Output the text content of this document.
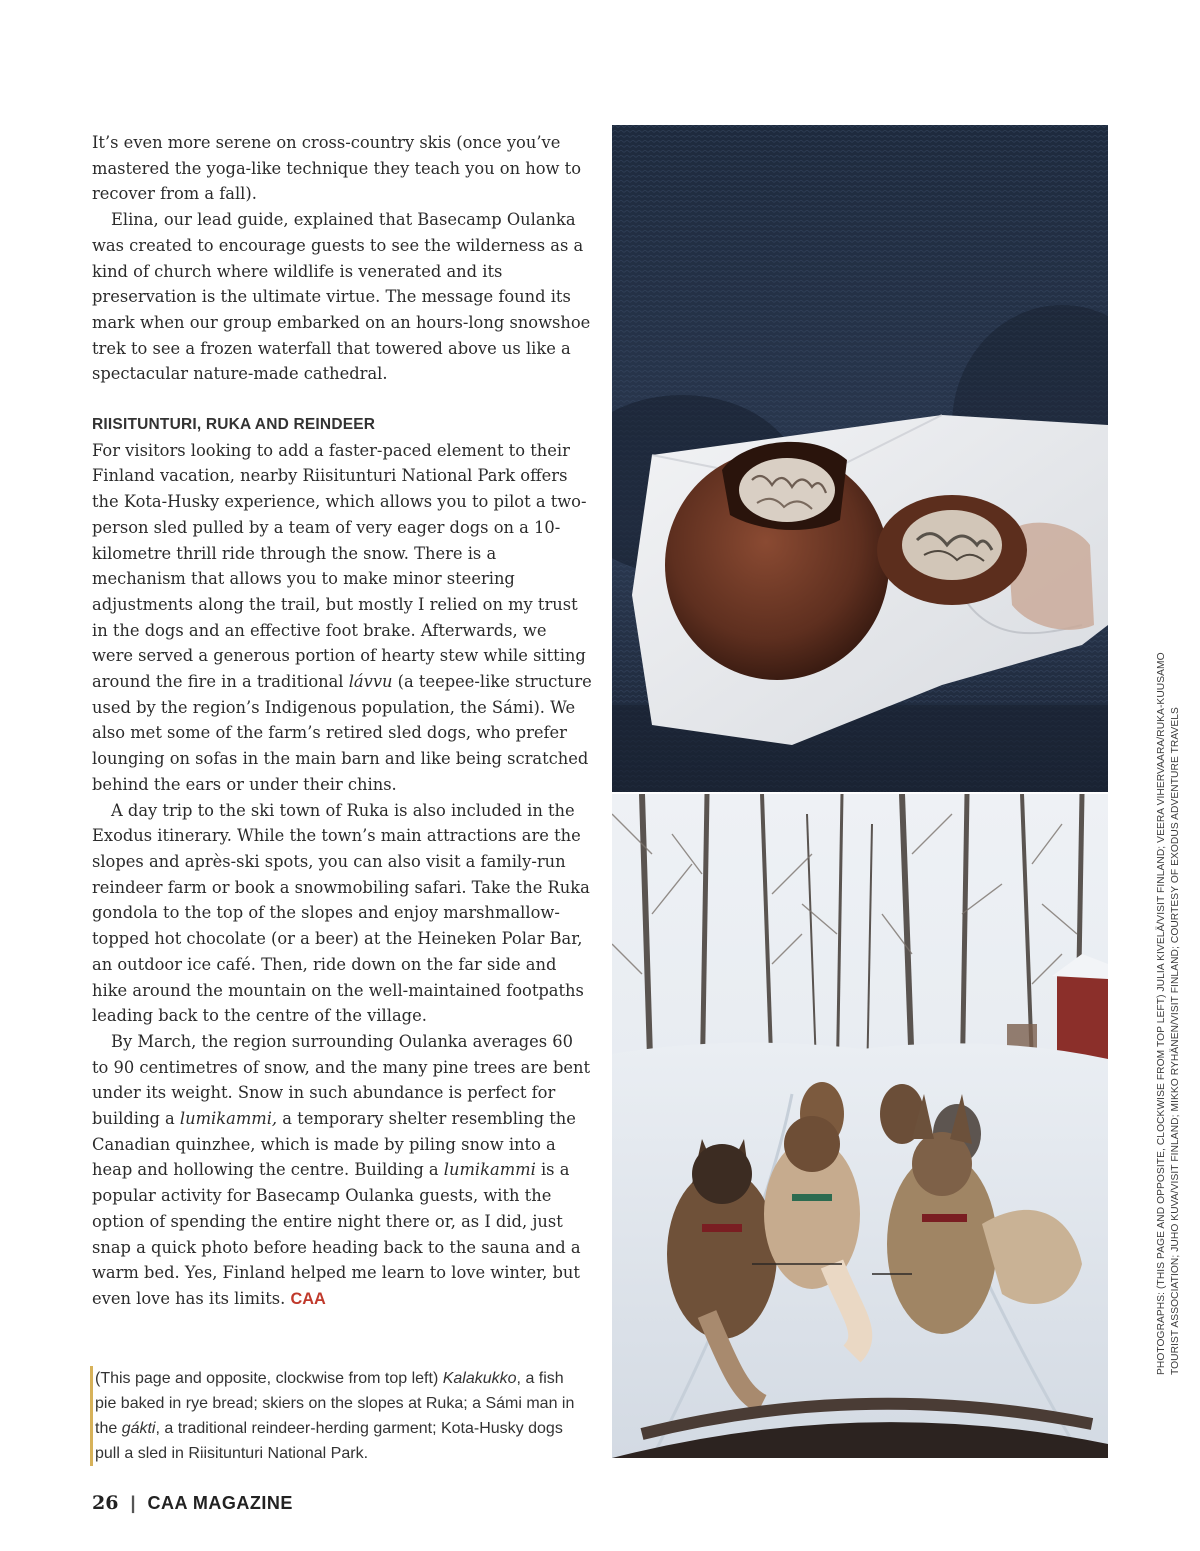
It’s even more serene on cross-country skis (once you’ve mastered the yoga-like technique they teach you on how to recover from a fall).

Elina, our lead guide, explained that Basecamp Oulanka was created to encourage guests to see the wilderness as a kind of church where wildlife is venerated and its preservation is the ultimate virtue. The message found its mark when our group embarked on an hours-long snowshoe trek to see a frozen waterfall that towered above us like a spectacular nature-made cathedral.

RIISITUNTURI, RUKA AND REINDEER

For visitors looking to add a faster-paced element to their Finland vacation, nearby Riisitunturi National Park offers the Kota-Husky experience, which allows you to pilot a two-person sled pulled by a team of very eager dogs on a 10-kilometre thrill ride through the snow. There is a mechanism that allows you to make minor steering adjustments along the trail, but mostly I relied on my trust in the dogs and an effective foot brake. Afterwards, we were served a generous portion of hearty stew while sitting around the fire in a traditional lávvu (a teepee-like structure used by the region’s Indigenous population, the Sámi). We also met some of the farm’s retired sled dogs, who prefer lounging on sofas in the main barn and like being scratched behind the ears or under their chins.

A day trip to the ski town of Ruka is also included in the Exodus itinerary. While the town’s main attractions are the slopes and après-ski spots, you can also visit a family-run reindeer farm or book a snowmobiling safari. Take the Ruka gondola to the top of the slopes and enjoy marshmallow-topped hot chocolate (or a beer) at the Heineken Polar Bar, an outdoor ice café. Then, ride down on the far side and hike around the mountain on the well-maintained footpaths leading back to the centre of the village.

By March, the region surrounding Oulanka averages 60 to 90 centimetres of snow, and the many pine trees are bent under its weight. Snow in such abundance is perfect for building a lumikammi, a temporary shelter resembling the Canadian quinzhee, which is made by piling snow into a heap and hollowing the centre. Building a lumikammi is a popular activity for Basecamp Oulanka guests, with the option of spending the entire night there or, as I did, just snap a quick photo before heading back to the sauna and a warm bed. Yes, Finland helped me learn to love winter, but even love has its limits. CAA

(This page and opposite, clockwise from top left) Kalakukko, a fish pie baked in rye bread; skiers on the slopes at Ruka; a Sámi man in the gákti, a traditional reindeer-herding garment; Kota-Husky dogs pull a sled in Riisitunturi National Park.
26 | CAA MAGAZINE
PHOTOGRAPHS: (THIS PAGE AND OPPOSITE, CLOCKWISE FROM TOP LEFT) JULIA KIVELÄ/VISIT FINLAND; VEERA VIHERVAARA/RUKA-KUUSAMO TOURIST ASSOCIATION; JUHO KUVA/VISIT FINLAND; MIKKO RYHÄNEN/VISIT FINLAND; COURTESY OF EXODUS ADVENTURE TRAVELS
